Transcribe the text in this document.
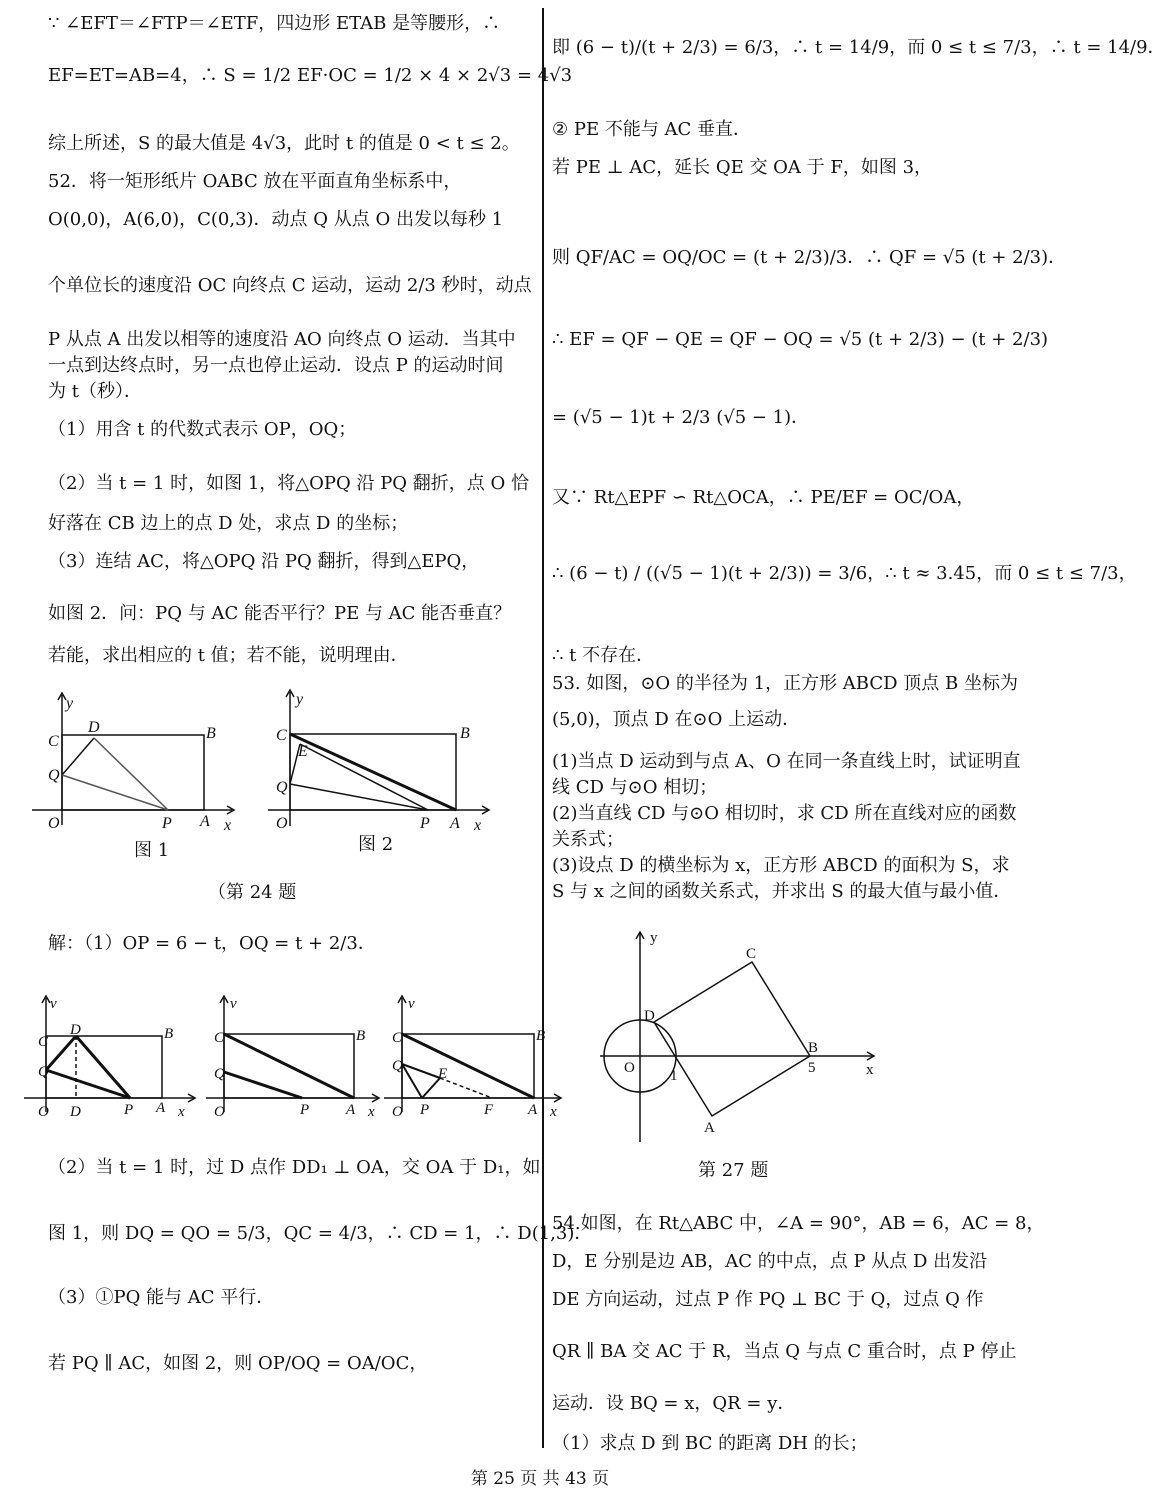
∵ ∠EFT＝∠FTP＝∠ETF，四边形 ETAB 是等腰形，∴
EF=ET=AB=4，∴ S = 1/2 EF·OC = 1/2 × 4 × 2√3 = 4√3
综上所述，S 的最大值是 4√3，此时 t 的值是 0 < t ≤ 2。
52．将一矩形纸片 OABC 放在平面直角坐标系中，
O(0,0)，A(6,0)，C(0,3)．动点 Q 从点 O 出发以每秒 1
个单位长的速度沿 OC 向终点 C 运动，运动 2/3 秒时，动点
P 从点 A 出发以相等的速度沿 AO 向终点 O 运动．当其中
一点到达终点时，另一点也停止运动．设点 P 的运动时间
为 t（秒）．
（1）用含 t 的代数式表示 OP，OQ；
（2）当 t = 1 时，如图 1，将△OPQ 沿 PQ 翻折，点 O 恰
好落在 CB 边上的点 D 处，求点 D 的坐标；
（3）连结 AC，将△OPQ 沿 PQ 翻折，得到△EPQ，
如图 2．问：PQ 与 AC 能否平行？PE 与 AC 能否垂直？
若能，求出相应的 t 值；若不能，说明理由．
y
C
D	B
Q
O	P A x
图 1
y
C
E
B
Q
O	P A x
图 2
（第 24 题
解：（1）OP = 6 − t，OQ = t + 2/3．
v
C
D	B
Q
O D	P A x
v
C	B
Q
O	P A x
v
C	B
Q E
O P	F A x
（2）当 t = 1 时，过 D 点作 DD₁ ⊥ OA，交 OA 于 D₁，如
图 1，则 DQ = QO = 5/3，QC = 4/3，∴ CD = 1，∴ D(1,3)．
（3）①PQ 能与 AC 平行．
若 PQ ∥ AC，如图 2，则 OP/OQ = OA/OC，
即 (6 − t)/(t + 2/3) = 6/3，∴ t = 14/9，而 0 ≤ t ≤ 7/3，∴ t = 14/9．
② PE 不能与 AC 垂直．
若 PE ⊥ AC，延长 QE 交 OA 于 F，如图 3，
则 QF/AC = OQ/OC = (t + 2/3)/3．∴ QF = √5 (t + 2/3)．
∴ EF = QF − QE = QF − OQ = √5 (t + 2/3) − (t + 2/3)
= (√5 − 1)t + 2/3 (√5 − 1)．
又∵ Rt△EPF ∽ Rt△OCA，∴ PE/EF = OC/OA，
∴ (6 − t) / ((√5 − 1)(t + 2/3)) = 3/6，∴ t ≈ 3.45，而 0 ≤ t ≤ 7/3，
∴ t 不存在．
53. 如图，⊙O 的半径为 1，正方形 ABCD 顶点 B 坐标为
(5,0)，顶点 D 在⊙O 上运动．
(1)当点 D 运动到与点 A、O 在同一条直线上时，试证明直
线 CD 与⊙O 相切；
(2)当直线 CD 与⊙O 相切时，求 CD 所在直线对应的函数
关系式；
(3)设点 D 的横坐标为 x，正方形 ABCD 的面积为 S，求
S 与 x 之间的函数关系式，并求出 S 的最大值与最小值．
y
C
D
O 1
B
5	x
A
第 27 题
54.如图，在 Rt△ABC 中，∠A = 90°，AB = 6，AC = 8，
D，E 分别是边 AB，AC 的中点，点 P 从点 D 出发沿
DE 方向运动，过点 P 作 PQ ⊥ BC 于 Q，过点 Q 作
QR ∥ BA 交 AC 于 R，当点 Q 与点 C 重合时，点 P 停止
运动．设 BQ = x，QR = y．
（1）求点 D 到 BC 的距离 DH 的长；
第 25 页 共 43 页
